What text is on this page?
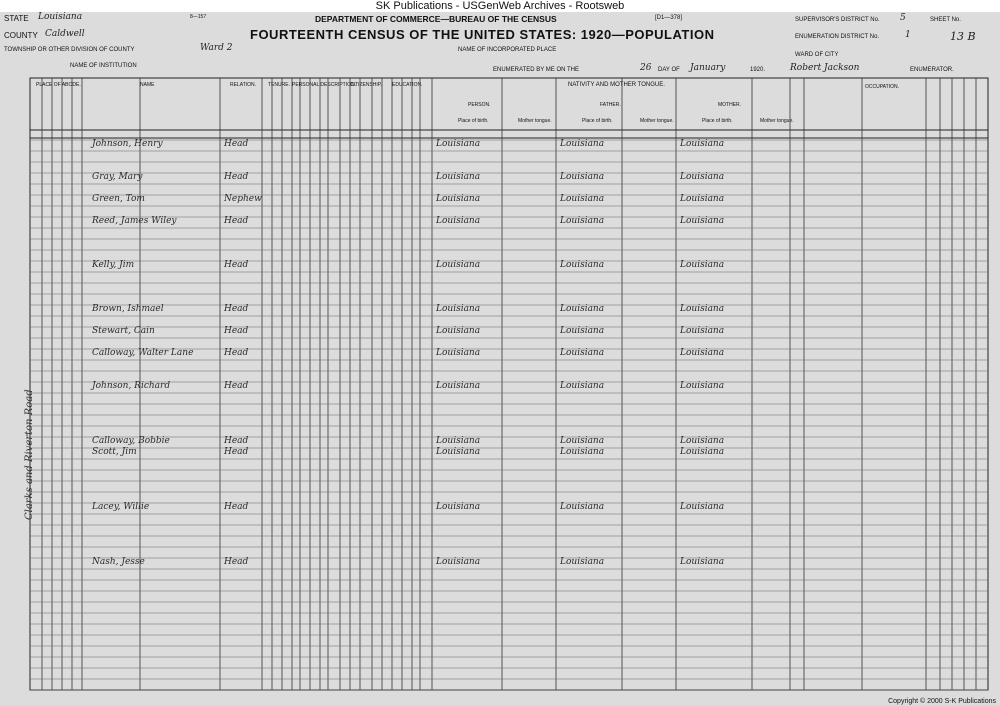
SK Publications - USGenWeb Archives - Rootsweb
8—157	DEPARTMENT OF COMMERCE—BUREAU OF THE CENSUS	[D1—378]
FOURTEENTH CENSUS OF THE UNITED STATES: 1920—POPULATION
STATE Louisiana
COUNTY Caldwell
TOWNSHIP OR OTHER DIVISION OF COUNTY	Ward 2
NAME OF INSTITUTION
NAME OF INCORPORATED PLACE
ENUMERATED BY ME ON THE	26 DAY OF January	1920.	Robert Jackson	ENUMERATOR.
SUPERVISOR'S DISTRICT No. 5
ENUMERATION DISTRICT No.	1
WARD OF CITY
SHEET No.
13 B
PLACE OF ABODE.	NAME	RELATION. TENURE. PERSONAL DESCRIPTION.
CITIZENSHIP. EDUCATION.	NATIVITY AND MOTHER TONGUE.	OCCUPATION.
PERSON.	FATHER.	MOTHER.
Place of birth.	Mother tongue.	Place of birth.	Mother tongue.	Place of birth.	Mother tongue.
Johnson, Henry	Head	Louisiana	Louisiana	Louisiana
Gray, Mary	Head	Louisiana	Louisiana	Louisiana
Green, Tom	Nephew	Louisiana	Louisiana	Louisiana
Reed, James Wiley	Head	Louisiana	Louisiana	Louisiana
Kelly, Jim	Head	Louisiana	Louisiana	Louisiana
Brown, Ishmael	Head	Louisiana	Louisiana	Louisiana
Stewart, Cain	Head	Louisiana	Louisiana	Louisiana
Calloway, Walter Lane	Head	Louisiana	Louisiana	Louisiana
Johnson, Richard	Head	Louisiana	Louisiana	Louisiana
Calloway, Bobbie	Head	Louisiana	Louisiana	Louisiana
Scott, Jim	Head	Louisiana	Louisiana	Louisiana
Lacey, Willie	Head	Louisiana	Louisiana	Louisiana
Nash, Jesse	Head	Louisiana	Louisiana	Louisiana
Clarks and Riverton Road
Copyright © 2000 S-K Publications
